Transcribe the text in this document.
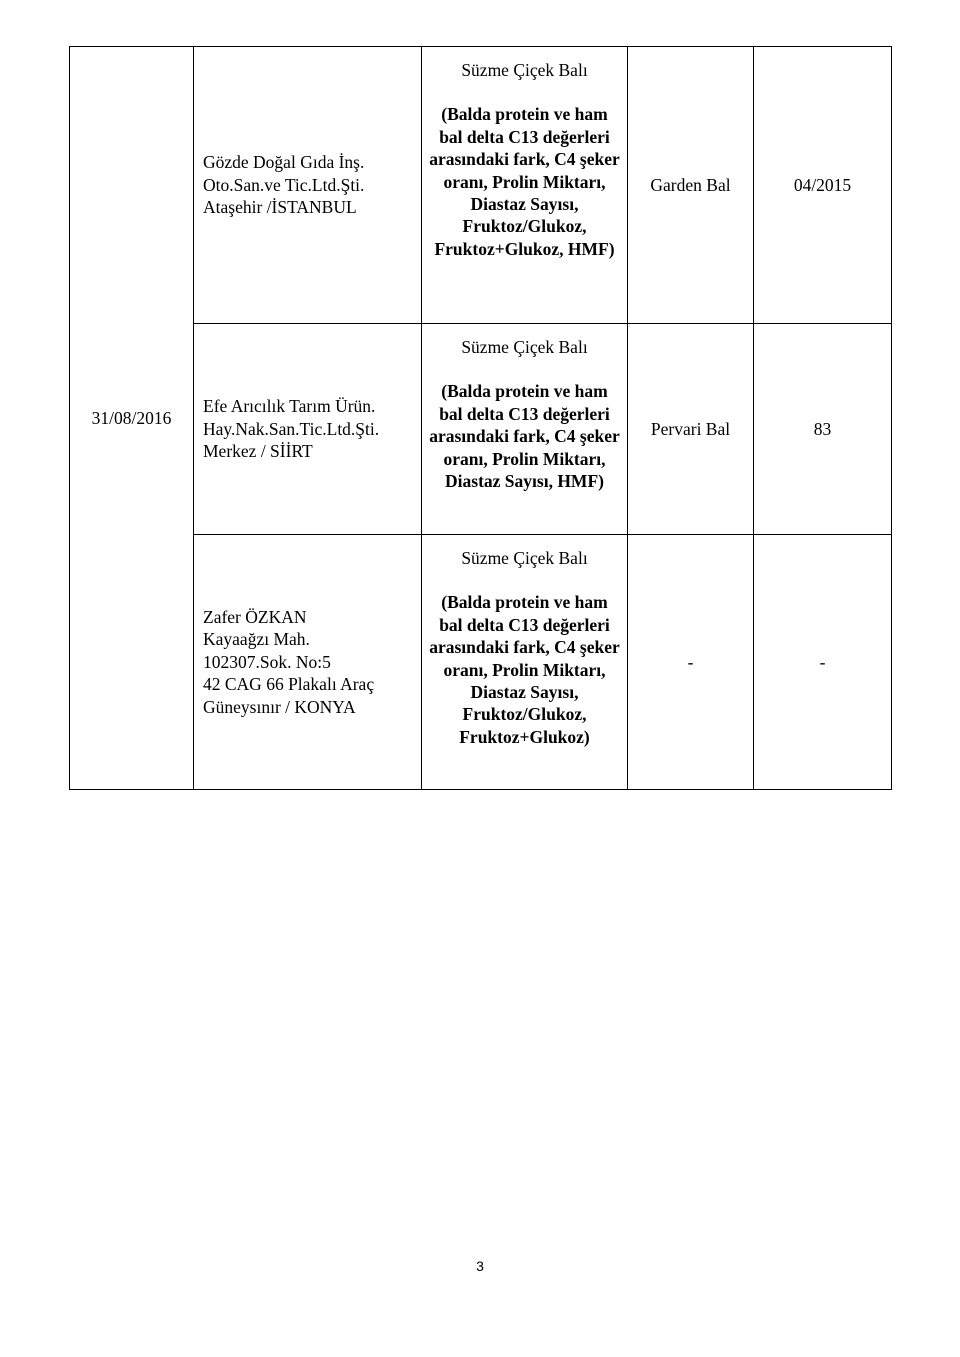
31/08/2016	Gözde Doğal Gıda İnş.
Oto.San.ve Tic.Ltd.Şti.
Ataşehir /İSTANBUL	Süzme Çiçek Balı
(Balda protein ve ham bal delta C13 değerleri arasındaki fark, C4 şeker oranı, Prolin Miktarı, Diastaz Sayısı, Fruktoz/Glukoz, Fruktoz+Glukoz, HMF)	Garden Bal	04/2015

	Efe Arıcılık Tarım Ürün.
Hay.Nak.San.Tic.Ltd.Şti.
Merkez / SİİRT	Süzme Çiçek Balı
(Balda protein ve ham bal delta C13 değerleri arasındaki fark, C4 şeker oranı, Prolin Miktarı, Diastaz Sayısı, HMF)	Pervari Bal	83

	Zafer ÖZKAN
Kayaağzı Mah.
102307.Sok. No:5
42 CAG 66 Plakalı Araç
Güneysınır / KONYA	Süzme Çiçek Balı
(Balda protein ve ham bal delta C13 değerleri arasındaki fark, C4 şeker oranı, Prolin Miktarı, Diastaz Sayısı, Fruktoz/Glukoz, Fruktoz+Glukoz)	-	-
3
